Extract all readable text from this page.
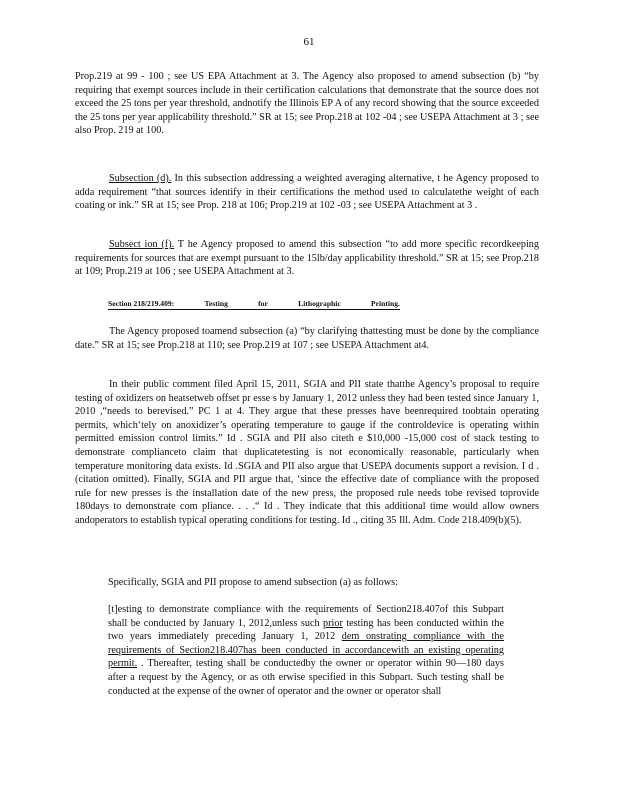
61

Prop.219 at 99 - 100 ; see US EPA Attachment at 3. The Agency also proposed to amend subsection (b) “by requiring that exempt sources include in their certification calculations that demonstrate that the source does not exceed the 25 tons per year threshold, andnotify the Illinois EP A of any record showing that the source exceeded the 25 tons per year applicability threshold.” SR at 15; see Prop.218 at 102 -04 ; see USEPA Attachment at 3 ; see also Prop. 219 at 100.

Subsection (d). In this subsection addressing a weighted averaging alternative, t he Agency proposed to adda requirement “that sources identify in their certifications the method used to calculatethe weight of each coating or ink.” SR at 15; see Prop. 218 at 106; Prop.219 at 102 -03 ; see USEPA Attachment at 3 .

Subsect ion (f). T he Agency proposed to amend this subsection “to add more specific recordkeeping requirements for sources that are exempt pursuant to the 15lb/day applicability threshold.” SR at 15; see Prop.218 at 109; Prop.219 at 106 ; see USEPA Attachment at 3.

Section 218/219.409:	Testing	for	Lithographic	Printing.

The Agency proposed toamend subsection (a) “by clarifying thattesting must be done by the compliance date.” SR at 15; see Prop.218 at 110; see Prop.219 at 107 ; see USEPA Attachment at4.

In their public comment filed April 15, 2011, SGIA and PII state thatthe Agency’s proposal to require testing of oxidizers on heatsetweb offset pr esse s by January 1, 2012 unless they had been tested since January 1, 2010 ,“needs to berevised.” PC 1 at 4. They argue that these presses have beenrequired toobtain operating permits, which‘tely on anoxidizer’s operating temperature to gauge if the controldevice is operating within permitted emission control limits.” Id . SGIA and PII also citeth e $10,000 -15,000 cost of stack testing to demonstrate complianceto claim that duplicatetesting is not economically reasonable, particularly when temperature monitoring data exists. Id .SGIA and PII also argue that USEPA documents support a revision. I d .(citation omitted). Finally, SGIA and PII argue that, ‘since the effective date of compliance with the proposed rule for new presses is the installation date of the new press, the proposed rule needs tobe revised toprovide 180days to demonstrate com pliance. . . .“ Id . They indicate that this additional time would allow owners andoperators to establish typical operating conditions for testing. Id ., citing 35 Ill. Adm. Code 218.409(b)(5).

Specifically, SGIA and PII propose to amend subsection (a) as follows:

[t]esting to demonstrate compliance with the requirements of Section218.407of this Subpart shall be conducted by January 1, 2012,unless such prior testing has been conducted within the two years immediately preceding January 1, 2012 dem onstrating compliance with the requirements of Section218.407has been conducted in accordancewith an existing operating permit. . Thereafter, testing shall be conductedby the owner or operator within 90—180 days after a request by the Agency, or as oth erwise specified in this Subpart. Such testing shall be conducted at the expense of the owner of operator and the owner or operator shall
